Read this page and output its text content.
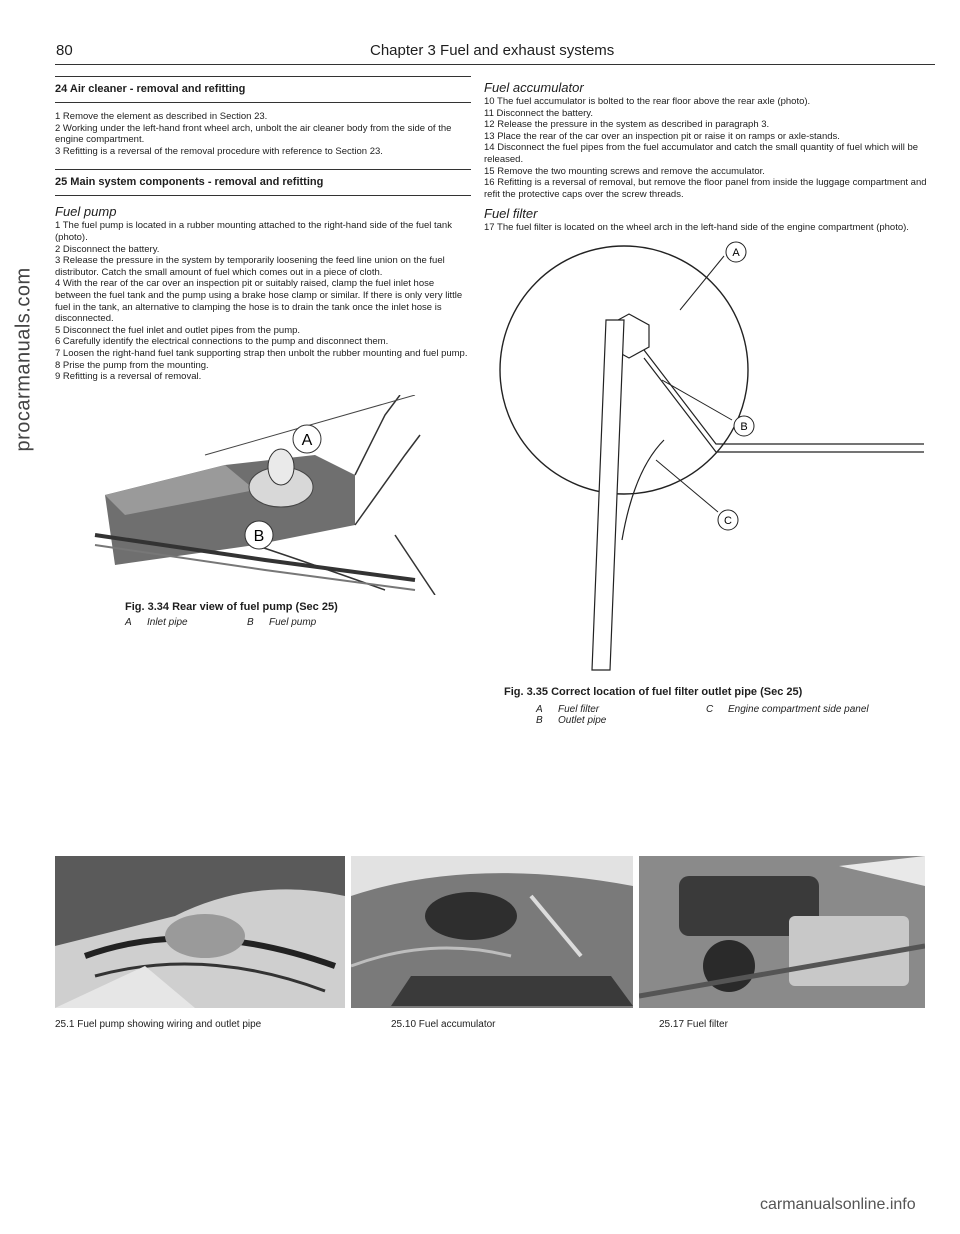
procarmanuals.com
80	Chapter 3 Fuel and exhaust systems
24 Air cleaner - removal and refitting
1 Remove the element as described in Section 23.
2 Working under the left-hand front wheel arch, unbolt the air cleaner body from the side of the engine compartment.
3 Refitting is a reversal of the removal procedure with reference to Section 23.
25 Main system components - removal and refitting
Fuel pump
1 The fuel pump is located in a rubber mounting attached to the right-hand side of the fuel tank (photo).
2 Disconnect the battery.
3 Release the pressure in the system by temporarily loosening the feed line union on the fuel distributor. Catch the small amount of fuel which comes out in a piece of cloth.
4 With the rear of the car over an inspection pit or suitably raised, clamp the fuel inlet hose between the fuel tank and the pump using a brake hose clamp or similar. If there is only very little fuel in the tank, an alternative to clamping the hose is to drain the tank once the inlet hose is disconnected.
5 Disconnect the fuel inlet and outlet pipes from the pump.
6 Carefully identify the electrical connections to the pump and disconnect them.
7 Loosen the right-hand fuel tank supporting strap then unbolt the rubber mounting and fuel pump.
8 Prise the pump from the mounting.
9 Refitting is a reversal of removal.
A
B
Fig. 3.34 Rear view of fuel pump (Sec 25)
A	Inlet pipe	B	Fuel pump
Fuel accumulator
10 The fuel accumulator is bolted to the rear floor above the rear axle (photo).
11 Disconnect the battery.
12 Release the pressure in the system as described in paragraph 3.
13 Place the rear of the car over an inspection pit or raise it on ramps or axle-stands.
14 Disconnect the fuel pipes from the fuel accumulator and catch the small quantity of fuel which will be released.
15 Remove the two mounting screws and remove the accumulator.
16 Refitting is a reversal of removal, but remove the floor panel from inside the luggage compartment and refit the protective caps over the screw threads.
Fuel filter
17 The fuel filter is located on the wheel arch in the left-hand side of the engine compartment (photo).
A
B
C
Fig. 3.35 Correct location of fuel filter outlet pipe (Sec 25)
A Fuel filter
B Outlet pipe
C	Engine compartment side panel
25.1 Fuel pump showing wiring and outlet pipe	25.10 Fuel accumulator	25.17 Fuel filter
carmanualsonline.info
